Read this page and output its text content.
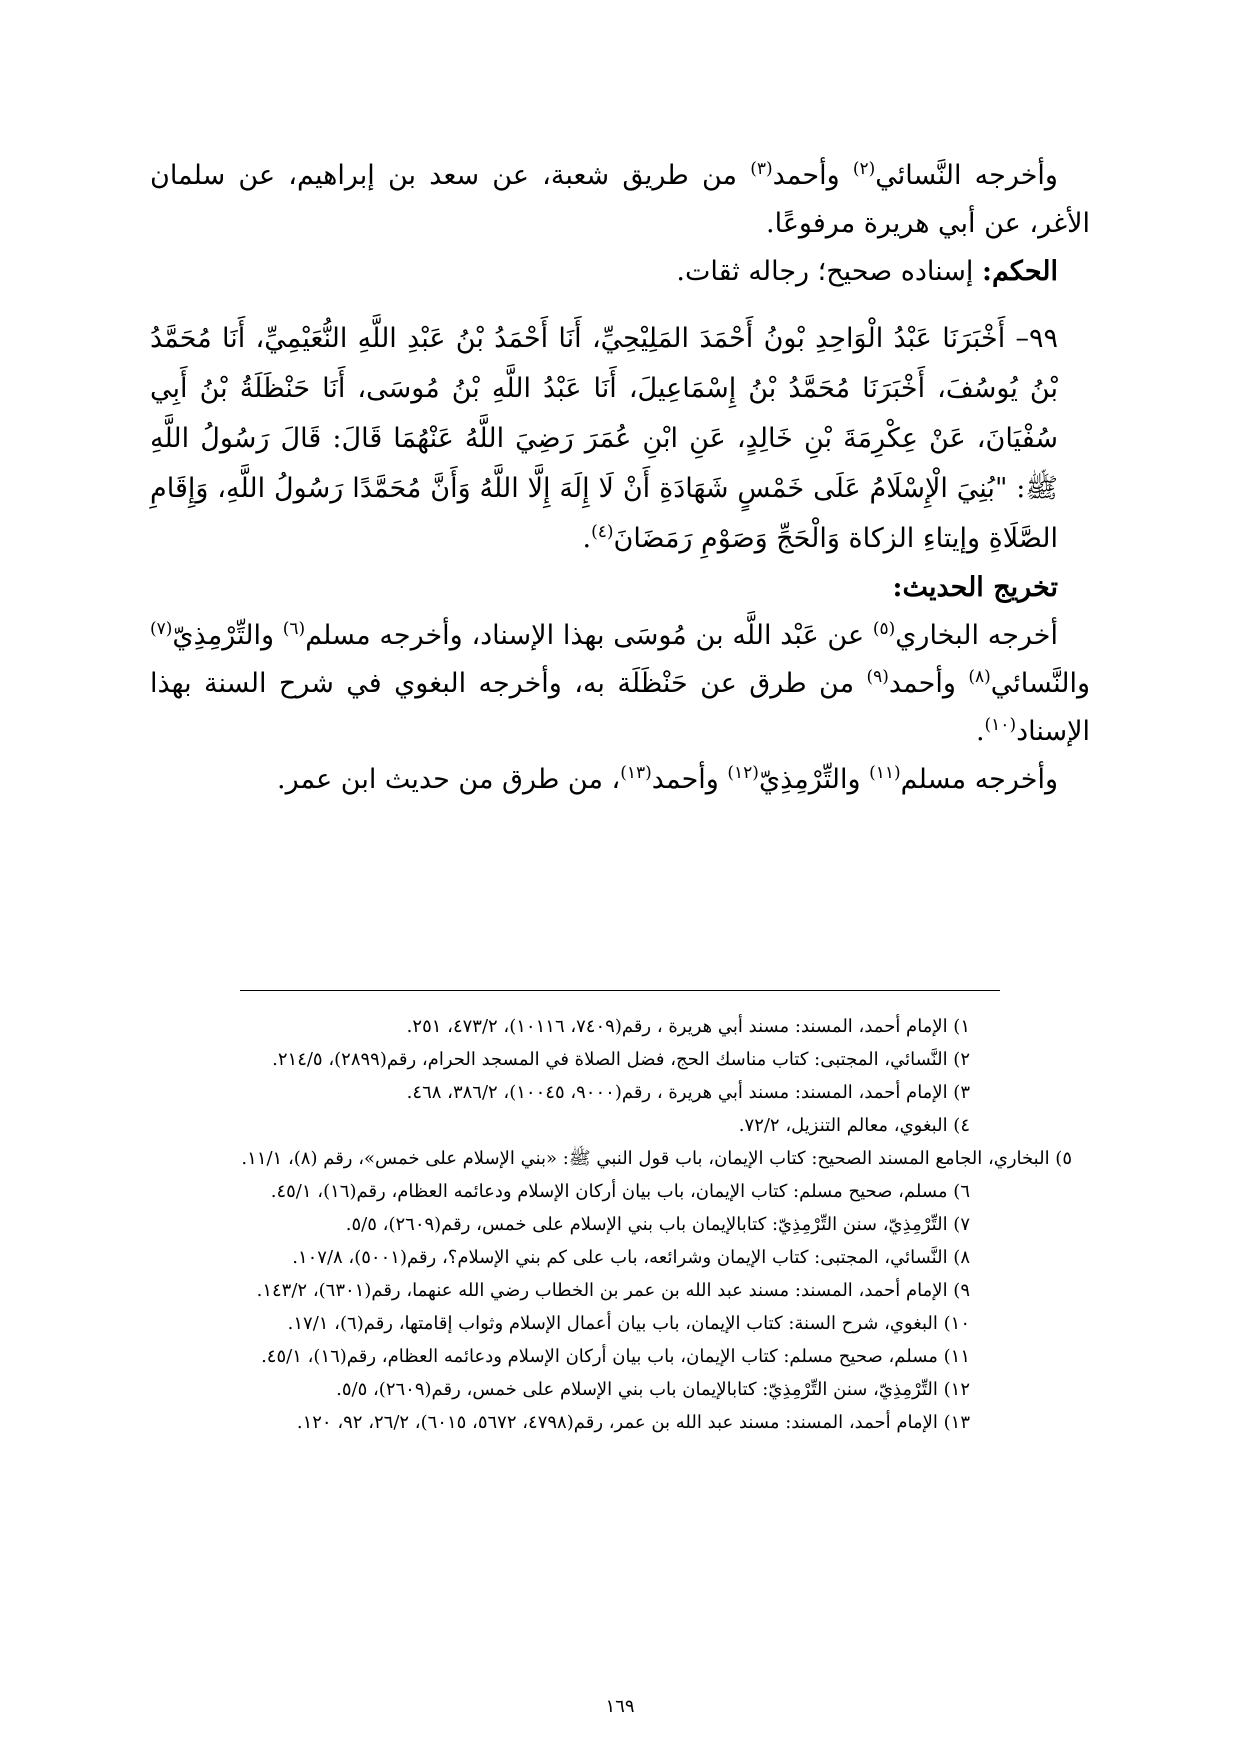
وأخرجه النَّسائي$^{(٢)}$ وأحمد$^{(٣)}$ من طريق شعبة، عن سعد بن إبراهيم، عن سلمان الأغر، عن أبي هريرة مرفوعًا.

الحكم: إسناده صحيح؛ رجاله ثقات.

٩٩– أَخْبَرَنَا عَبْدُ الْوَاحِدِ بْونُ أَحْمَدَ المَلِيْحِيِّ، أَنَا أَحْمَدُ بْنُ عَبْدِ اللَّهِ النُّعَيْمِيِّ، أَنَا مُحَمَّدُ بْنُ يُوسُفَ، أَخْبَرَنَا مُحَمَّدُ بْنُ إِسْمَاعِيلَ، أَنَا عَبْدُ اللَّهِ بْنُ مُوسَى، أَنَا حَنْظَلَةُ بْنُ أَبِي سُفْيَانَ، عَنْ عِكْرِمَةَ بْنِ خَالِدٍ، عَنِ ابْنِ عُمَرَ رَضِيَ اللَّهُ عَنْهُمَا قَالَ: قَالَ رَسُولُ اللَّهِ ﷺ: "بُنِيَ الْإِسْلَامُ عَلَى خَمْسٍ شَهَادَةِ أَنْ لَا إِلَهَ إِلَّا اللَّهُ وَأَنَّ مُحَمَّدًا رَسُولُ اللَّهِ، وَإِقَامِ الصَّلَاةِ وإيتاءِ الزكاة وَالْحَجِّ وَصَوْمِ رَمَضَانَ$^{(٤)}$.

تخريج الحديث:

أخرجه البخاري$^{(٥)}$ عن عَبْد اللَّه بن مُوسَى بهذا الإسناد، وأخرجه مسلم$^{(٦)}$ والتِّرْمِذِيّ$^{(٧)}$ والنَّسائي$^{(٨)}$ وأحمد$^{(٩)}$ من طرق عن حَنْظَلَة به، وأخرجه البغوي في شرح السنة بهذا الإسناد$^{(١٠)}$.

وأخرجه مسلم$^{(١١)}$ والتِّرْمِذِيّ$^{(١٢)}$ وأحمد$^{(١٣)}$، من طرق من حديث ابن عمر.

١) الإمام أحمد، المسند: مسند أبي هريرة ، رقم(٧٤٠٩، ١٠١١٦)، ٤٧٣/٢، ٢٥١.

٢) النَّسائي، المجتبى: كتاب مناسك الحج، فضل الصلاة في المسجد الحرام، رقم(٢٨٩٩)، ٢١٤/٥.

٣) الإمام أحمد، المسند: مسند أبي هريرة ، رقم(٩٠٠٠، ١٠٠٤٥)، ٣٨٦/٢، ٤٦٨.

٤) البغوي، معالم التنزيل، ٧٢/٢.

٥) البخاري، الجامع المسند الصحيح: كتاب الإيمان، باب قول النبي ﷺ: «بني الإسلام على خمس»، رقم (٨)، ١١/١.

٦) مسلم، صحيح مسلم: كتاب الإيمان، باب بيان أركان الإسلام ودعائمه العظام، رقم(١٦)، ٤٥/١.

٧) التِّرْمِذِيّ، سنن التِّرْمِذِيّ: كتابالإيمان باب بني الإسلام على خمس، رقم(٢٦٠٩)، ٥/٥.

٨) النَّسائي، المجتبى: كتاب الإيمان وشرائعه، باب على كم بني الإسلام؟، رقم(٥٠٠١)، ١٠٧/٨.

٩) الإمام أحمد، المسند: مسند عبد الله بن عمر بن الخطاب رضي الله عنهما، رقم(٦٣٠١)، ١٤٣/٢.

١٠) البغوي، شرح السنة: كتاب الإيمان، باب بيان أعمال الإسلام وثواب إقامتها، رقم(٦)، ١٧/١.

١١) مسلم، صحيح مسلم: كتاب الإيمان، باب بيان أركان الإسلام ودعائمه العظام، رقم(١٦)، ٤٥/١.

١٢) التِّرْمِذِيّ، سنن التِّرْمِذِيّ: كتابالإيمان باب بني الإسلام على خمس، رقم(٢٦٠٩)، ٥/٥.

١٣) الإمام أحمد، المسند: مسند عبد الله بن عمر، رقم(٤٧٩٨، ٥٦٧٢، ٦٠١٥)، ٢٦/٢، ٩٢، ١٢٠.

١٦٩
